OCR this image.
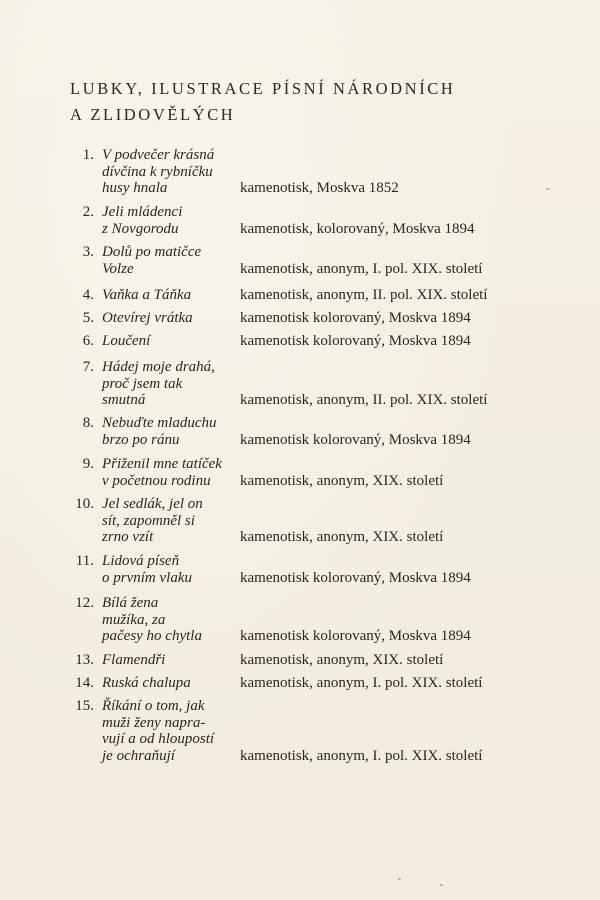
LUBKY, ILUSTRACE PÍSNÍ NÁRODNÍCH
A ZLIDOVĚLÝCH
1. V podvečer krásná
dívčina k rybníčku
husy hnala	kamenotisk, Moskva 1852
2. Jeli mládenci
z Novgorodu	kamenotisk, kolorovaný, Moskva 1894
3. Dolů po matičce
Volze	kamenotisk, anonym, I. pol. XIX. století
4. Vaňka a Táňka	kamenotisk, anonym, II. pol. XIX. století
5. Otevírej vrátka	kamenotisk kolorovaný, Moskva 1894
6. Loučení	kamenotisk kolorovaný, Moskva 1894
7. Hádej moje drahá,
proč jsem tak
smutná	kamenotisk, anonym, II. pol. XIX. století
8. Nebuďte mladuchu
brzo po ránu	kamenotisk kolorovaný, Moskva 1894
9. Přiženil mne tatíček
v početnou rodinu	kamenotisk, anonym, XIX. století
10. Jel sedlák, jel on
sít, zapomněl si
zrno vzít	kamenotisk, anonym, XIX. století
11. Lidová píseň
o prvním vlaku	kamenotisk kolorovaný, Moskva 1894
12. Bílá žena
mužíka, za
pačesy ho chytla	kamenotisk kolorovaný, Moskva 1894
13. Flamendři	kamenotisk, anonym, XIX. století
14. Ruská chalupa	kamenotisk, anonym, I. pol. XIX. století
15. Říkání o tom, jak
muži ženy napra-
vují a od hloupostí
je ochraňují	kamenotisk, anonym, I. pol. XIX. století
